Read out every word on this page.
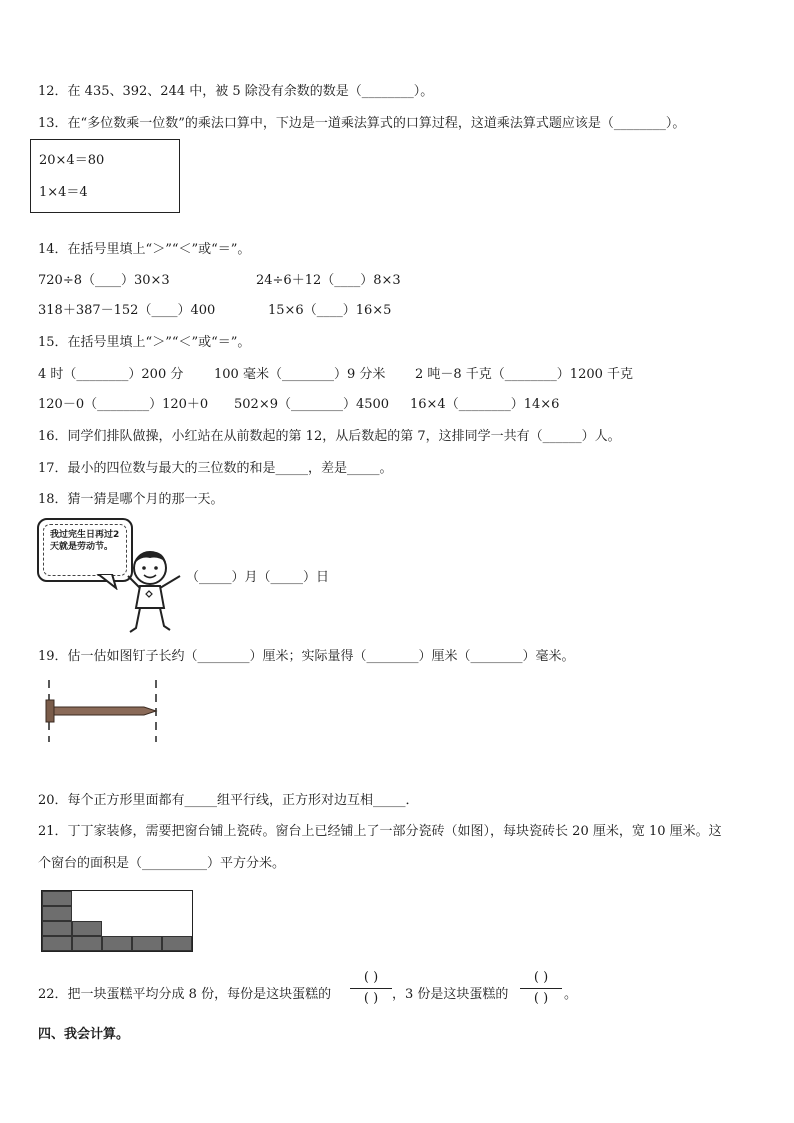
12．在 435、392、244 中，被 5 除没有余数的数是（________）。
13．在“多位数乘一位数”的乘法口算中，下边是一道乘法算式的口算过程，这道乘法算式题应该是（________）。
20×4＝80
1×4＝4
14．在括号里填上“＞”“＜”或“＝”。
720÷8（____）30×3	24÷6＋12（____）8×3
318＋387－152（____）400	15×6（____）16×5
15．在括号里填上“＞”“＜”或“＝”。
4 时（________）200 分 100 毫米（________）9 分米 2 吨－8 千克（________）1200 千克
120－0（________）120＋0 502×9（________）4500 16×4（________）14×6
16．同学们排队做操，小红站在从前数起的第 12，从后数起的第 7，这排同学一共有（______）人。
17．最小的四位数与最大的三位数的和是_____，差是_____。
18．猜一猜是哪个月的那一天。
我过完生日再过2天就是劳动节。
（_____）月（_____）日
19．估一估如图钉子长约（________）厘米；实际量得（________）厘米（________）毫米。
20．每个正方形里面都有_____组平行线，正方形对边互相_____．
21．丁丁家装修，需要把窗台铺上瓷砖。窗台上已经铺上了一部分瓷砖（如图），每块瓷砖长 20 厘米，宽 10 厘米。这
个窗台的面积是（__________）平方分米。
22．把一块蛋糕平均分成 8 份，每份是这块蛋糕的
( )
( )	，3 份是这块蛋糕的
( )
( )	。
四、我会计算。
